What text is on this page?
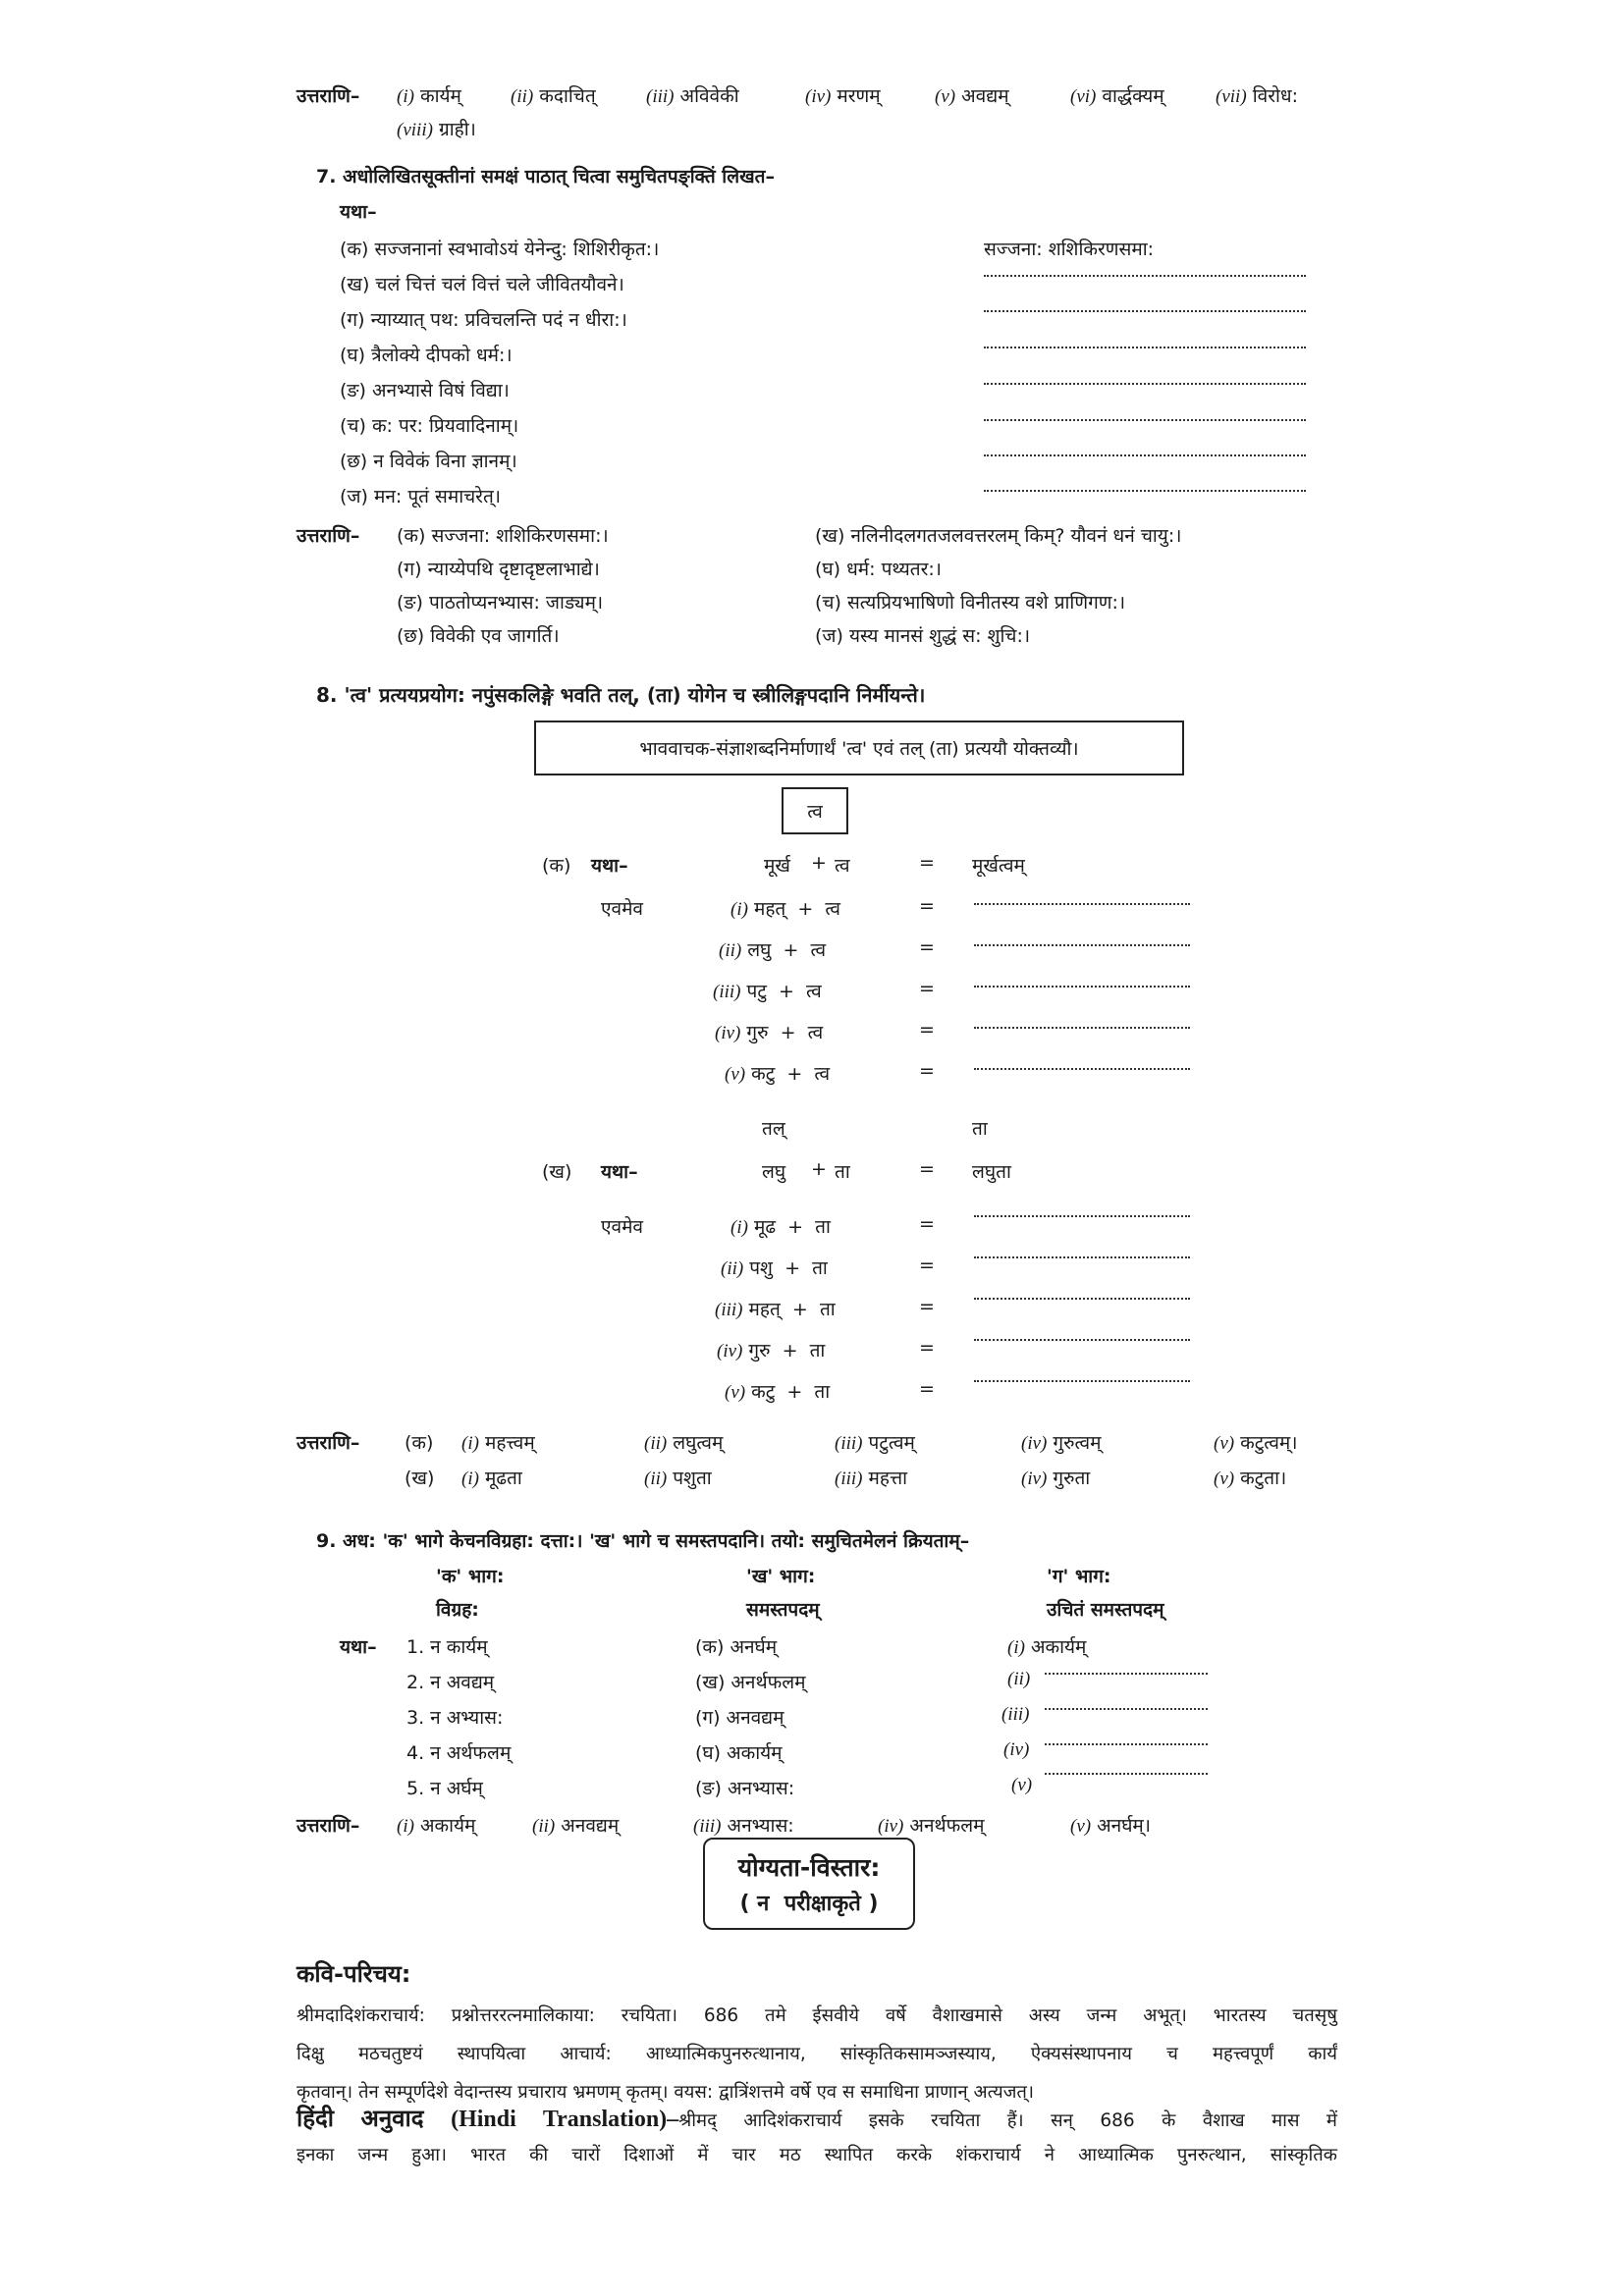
उत्तराणि– (i) कार्यम्	(ii) कदाचित्	(iii) अविवेकी	(iv) मरणम्	(v) अवद्यम्	(vi) वार्द्धक्यम्	(vii) विरोध:
(viii) ग्राही।
7. अधोलिखितसूक्तीनां समक्षं पाठात् चित्वा समुचितपङ्क्तिं लिखत–
यथा–
(क) सज्जनानां स्वभावोऽयं येनेन्दु: शिशिरीकृत:।
(ख) चलं चित्तं चलं वित्तं चले जीवितयौवने।
(ग) न्याय्यात् पथ: प्रविचलन्ति पदं न धीरा:।
(घ) त्रैलोक्ये दीपको धर्म:।
(ङ) अनभ्यासे विषं विद्या।
(च) क: पर: प्रियवादिनाम्।
(छ) न विवेकं विना ज्ञानम्।
(ज) मन: पूतं समाचरेत्।
सज्जना: शशिकिरणसमा:
उत्तराणि– (क) सज्जना: शशिकिरणसमा:।	(ख) नलिनीदलगतजलवत्तरलम् किम्? यौवनं धनं चायु:।
(ग) न्याय्येपथि दृष्टादृष्टलाभाद्ये।	(घ) धर्म: पथ्यतर:।
(ङ) पाठतोप्यनभ्यास: जाड्यम्।	(च) सत्यप्रियभाषिणो विनीतस्य वशे प्राणिगण:।
(छ) विवेकी एव जागर्ति।	(ज) यस्य मानसं शुद्धं स: शुचि:।
8. 'त्व' प्रत्ययप्रयोग: नपुंसकलिङ्गे भवति तल्, (ता) योगेन च स्त्रीलिङ्गपदानि निर्मीयन्ते।
भाववाचक-संज्ञाशब्दनिर्माणार्थं 'त्व' एवं तल् (ता) प्रत्ययौ योक्तव्यौ।
त्व
(क) यथा–	मूर्ख + त्व	= मूर्खत्वम्
एवमेव	(i) महत् + त्व	=
(ii) लघु + त्व	=
(iii) पटु + त्व	=
(iv) गुरु + त्व	=
(v) कटु + त्व	=
तल्	ता
(ख) यथा–	लघु + ता	= लघुता
एवमेव	(i) मूढ + ता	=
(ii) पशु + ता	=
(iii) महत् + ता	=
(iv) गुरु + ता	=
(v) कटु + ता	=
उत्तराणि– (क) (i) महत्त्वम्	(ii) लघुत्वम्	(iii) पटुत्वम्	(iv) गुरुत्वम्	(v) कटुत्वम्।
(ख) (i) मूढता	(ii) पशुता	(iii) महत्ता	(iv) गुरुता	(v) कटुता।
9. अध: 'क' भागे केचनविग्रहा: दत्ता:। 'ख' भागे च समस्तपदानि। तयो: समुचितमेलनं क्रियताम्–
'क' भाग:
विग्रह:
'ख' भाग:
समस्तपदम्
'ग' भाग:
उचितं समस्तपदम्
यथा– 1. न कार्यम्	(क) अनर्घम्	(i) अकार्यम्
2. न अवद्यम्	(ख) अनर्थफलम्	(ii)
3. न अभ्यास:	(ग) अनवद्यम्	(iii)
4. न अर्थफलम्	(घ) अकार्यम्	(iv)
5. न अर्घम्	(ङ) अनभ्यास:	(v)
उत्तराणि– (i) अकार्यम्	(ii) अनवद्यम्	(iii) अनभ्यास:	(iv) अनर्थफलम्	(v) अनर्घम्।
योग्यता-विस्तार:
( न  परीक्षाकृते )
कवि-परिचय:
श्रीमदादिशंकराचार्य: प्रश्नोत्तररत्नमालिकाया: रचयिता। 686 तमे ईसवीये वर्षे वैशाखमासे अस्य जन्म अभूत्। भारतस्य चतसृषु
दिक्षु मठचतुष्टयं स्थापयित्वा आचार्य: आध्यात्मिकपुनरुत्थानाय, सांस्कृतिकसामञ्जस्याय, ऐक्यसंस्थापनाय च महत्त्वपूर्णं कार्यं
कृतवान्। तेन सम्पूर्णदेशे वेदान्तस्य प्रचाराय भ्रमणम् कृतम्। वयस: द्वात्रिंशत्तमे वर्षे एव स समाधिना प्राणान् अत्यजत्।
हिंदी अनुवाद (Hindi Translation)–श्रीमद् आदिशंकराचार्य इसके रचयिता हैं। सन् 686 के वैशाख मास में
इनका जन्म हुआ। भारत की चारों दिशाओं में चार मठ स्थापित करके शंकराचार्य ने आध्यात्मिक पुनरुत्थान, सांस्कृतिक
